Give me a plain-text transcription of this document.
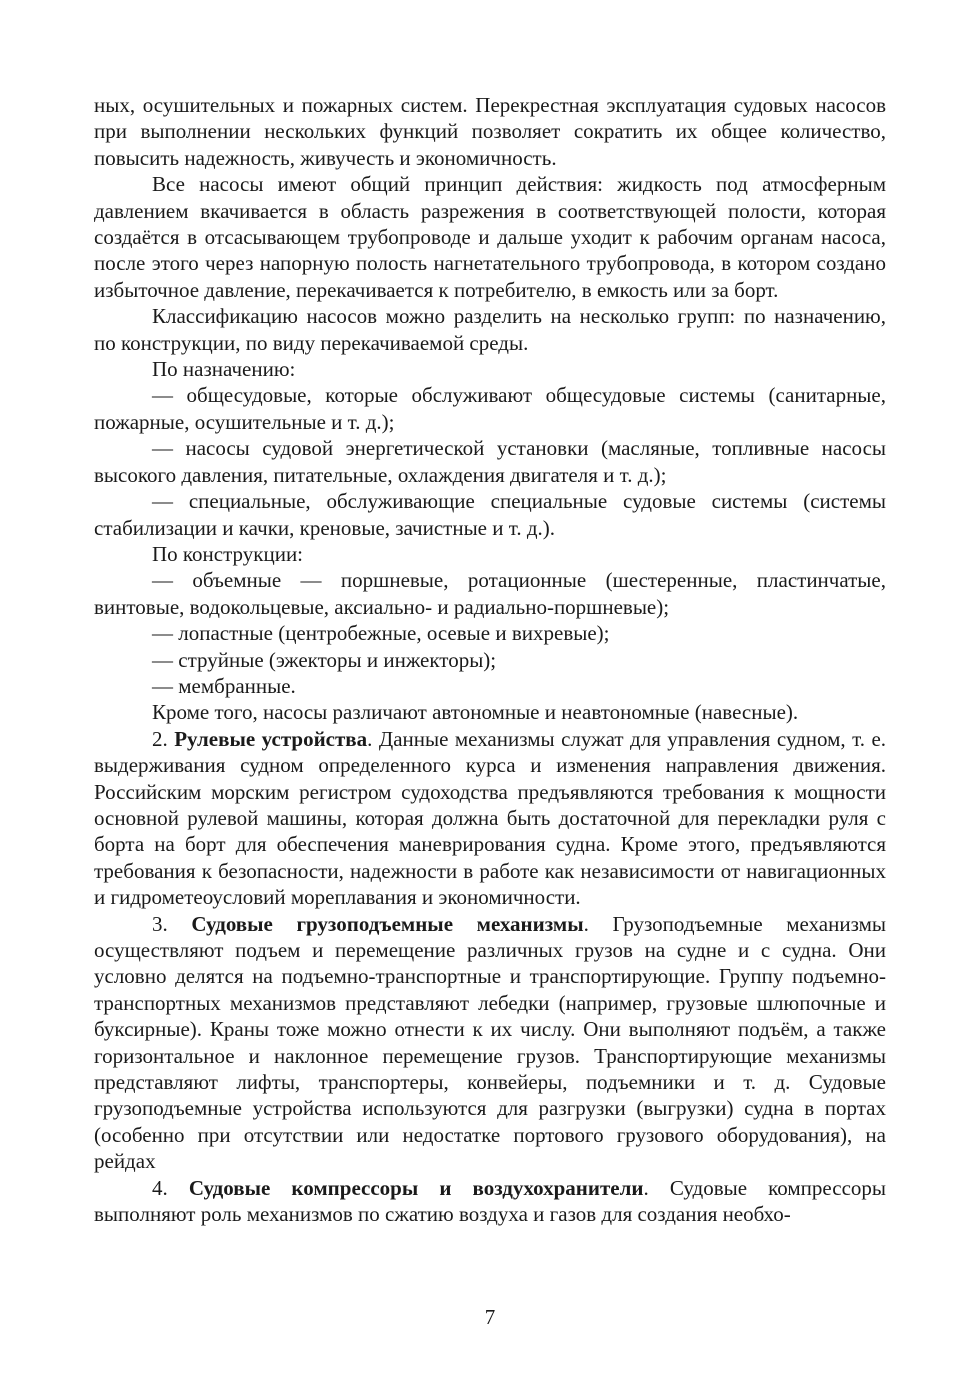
ных, осушительных и пожарных систем. Перекрестная эксплуатация судовых насосов при выполнении нескольких функций позволяет сократить их общее количество, повысить надежность, живучесть и экономичность.

Все насосы имеют общий принцип действия: жидкость под атмосферным давлением вкачивается в область разрежения в соответствующей полости, которая создаётся в отсасывающем трубопроводе и дальше уходит к рабочим органам насоса, после этого через напорную полость нагнетательного трубопровода, в котором создано избыточное давление, перекачивается к потребителю, в емкость или за борт.

Классификацию насосов можно разделить на несколько групп: по назначению, по конструкции, по виду перекачиваемой среды.

По назначению:

— общесудовые, которые обслуживают общесудовые системы (санитарные, пожарные, осушительные и т. д.);

— насосы судовой энергетической установки (масляные, топливные насосы высокого давления, питательные, охлаждения двигателя и т. д.);

— специальные, обслуживающие специальные судовые системы (системы стабилизации и качки, креновые, зачистные и т. д.).

По конструкции:

— объемные — поршневые, ротационные (шестеренные, пластинчатые, винтовые, водокольцевые, аксиально- и радиально-поршневые);

— лопастные (центробежные, осевые и вихревые);

— струйные (эжекторы и инжекторы);

— мембранные.

Кроме того, насосы различают автономные и неавтономные (навесные).

2. Рулевые устройства. Данные механизмы служат для управления судном, т. е. выдерживания судном определенного курса и изменения направления движения. Российским морским регистром судоходства предъявляются требования к мощности основной рулевой машины, которая должна быть достаточной для перекладки руля с борта на борт для обеспечения маневрирования судна. Кроме этого, предъявляются требования к безопасности, надежности в работе как независимости от навигационных и гидрометеоусловий мореплавания и экономичности.

3. Судовые грузоподъемные механизмы. Грузоподъемные механизмы осуществляют подъем и перемещение различных грузов на судне и с судна. Они условно делятся на подъемно-транспортные и транспортирующие. Группу подъемно-транспортных механизмов представляют лебедки (например, грузовые шлюпочные и буксирные). Краны тоже можно отнести к их числу. Они выполняют подъём, а также горизонтальное и наклонное перемещение грузов. Транспортирующие механизмы представляют лифты, транспортеры, конвейеры, подъемники и т. д. Судовые грузоподъемные устройства используются для разгрузки (выгрузки) судна в портах (особенно при отсутствии или недостатке портового грузового оборудования), на рейдах

4. Судовые компрессоры и воздухохранители. Судовые компрессоры выполняют роль механизмов по сжатию воздуха и газов для создания необхо-

7
